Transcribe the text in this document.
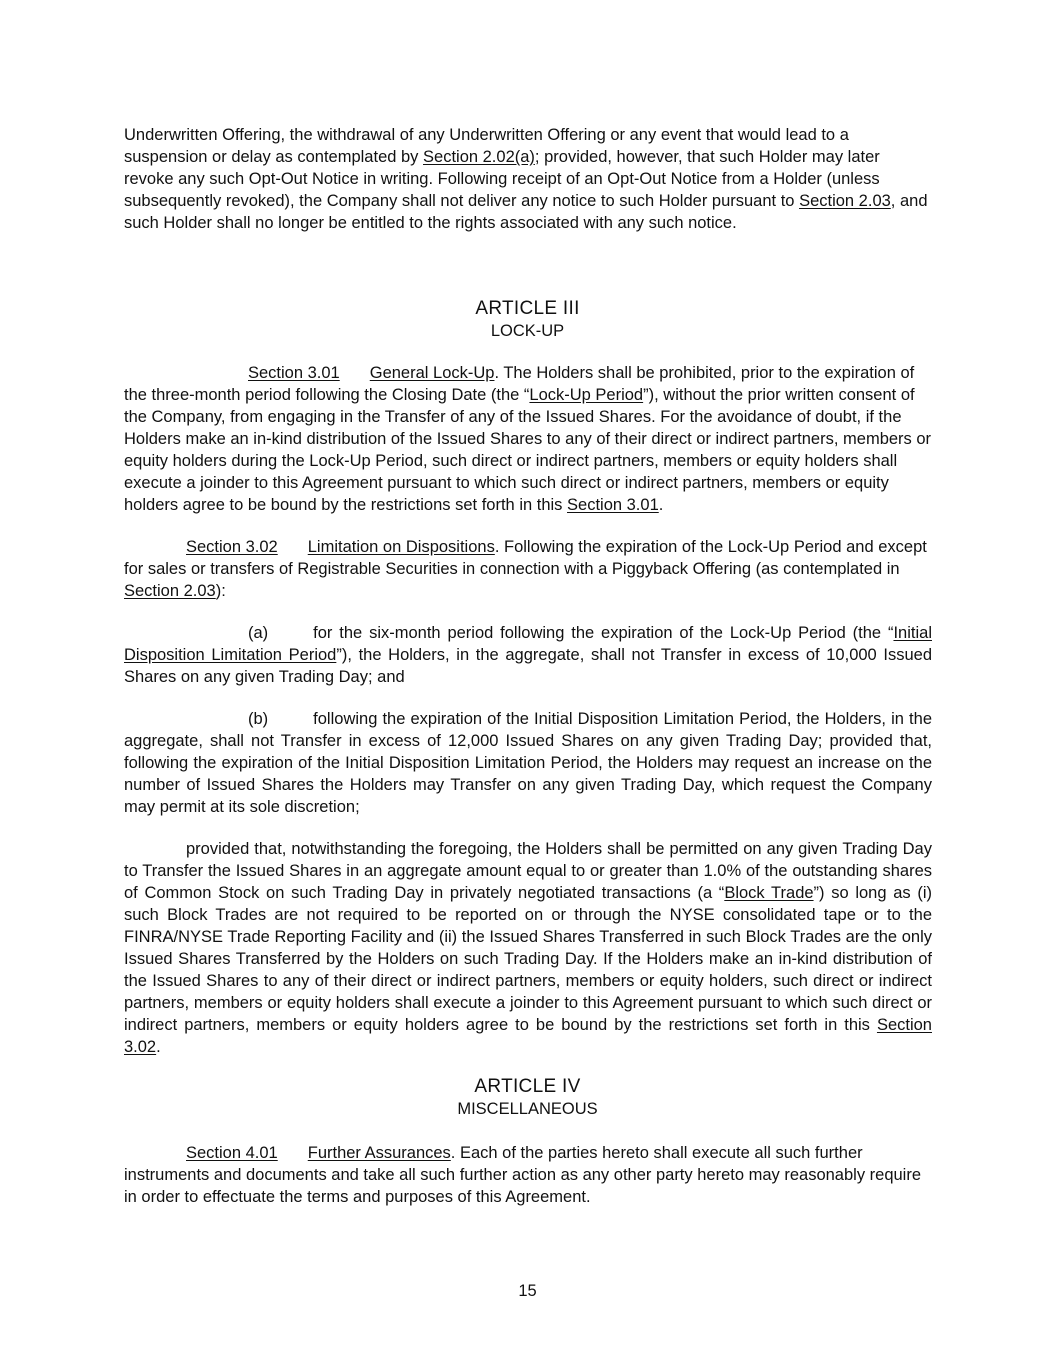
Underwritten Offering, the withdrawal of any Underwritten Offering or any event that would lead to a suspension or delay as contemplated by Section 2.02(a); provided, however, that such Holder may later revoke any such Opt-Out Notice in writing. Following receipt of an Opt-Out Notice from a Holder (unless subsequently revoked), the Company shall not deliver any notice to such Holder pursuant to Section 2.03, and such Holder shall no longer be entitled to the rights associated with any such notice.

ARTICLE III
LOCK-UP

Section 3.01 General Lock-Up. The Holders shall be prohibited, prior to the expiration of the three-month period following the Closing Date (the “Lock-Up Period”), without the prior written consent of the Company, from engaging in the Transfer of any of the Issued Shares. For the avoidance of doubt, if the Holders make an in-kind distribution of the Issued Shares to any of their direct or indirect partners, members or equity holders during the Lock-Up Period, such direct or indirect partners, members or equity holders shall execute a joinder to this Agreement pursuant to which such direct or indirect partners, members or equity holders agree to be bound by the restrictions set forth in this Section 3.01.

Section 3.02 Limitation on Dispositions. Following the expiration of the Lock-Up Period and except for sales or transfers of Registrable Securities in connection with a Piggyback Offering (as contemplated in Section 2.03):

(a)	for the six-month period following the expiration of the Lock-Up Period (the “Initial Disposition Limitation Period”), the Holders, in the aggregate, shall not Transfer in excess of 10,000 Issued Shares on any given Trading Day; and

(b)	following the expiration of the Initial Disposition Limitation Period, the Holders, in the aggregate, shall not Transfer in excess of 12,000 Issued Shares on any given Trading Day; provided that, following the expiration of the Initial Disposition Limitation Period, the Holders may request an increase on the number of Issued Shares the Holders may Transfer on any given Trading Day, which request the Company may permit at its sole discretion;

provided that, notwithstanding the foregoing, the Holders shall be permitted on any given Trading Day to Transfer the Issued Shares in an aggregate amount equal to or greater than 1.0% of the outstanding shares of Common Stock on such Trading Day in privately negotiated transactions (a “Block Trade”) so long as (i) such Block Trades are not required to be reported on or through the NYSE consolidated tape or to the FINRA/NYSE Trade Reporting Facility and (ii) the Issued Shares Transferred in such Block Trades are the only Issued Shares Transferred by the Holders on such Trading Day. If the Holders make an in-kind distribution of the Issued Shares to any of their direct or indirect partners, members or equity holders, such direct or indirect partners, members or equity holders shall execute a joinder to this Agreement pursuant to which such direct or indirect partners, members or equity holders agree to be bound by the restrictions set forth in this Section 3.02.

ARTICLE IV
MISCELLANEOUS

Section 4.01 Further Assurances. Each of the parties hereto shall execute all such further instruments and documents and take all such further action as any other party hereto may reasonably require in order to effectuate the terms and purposes of this Agreement.

15
